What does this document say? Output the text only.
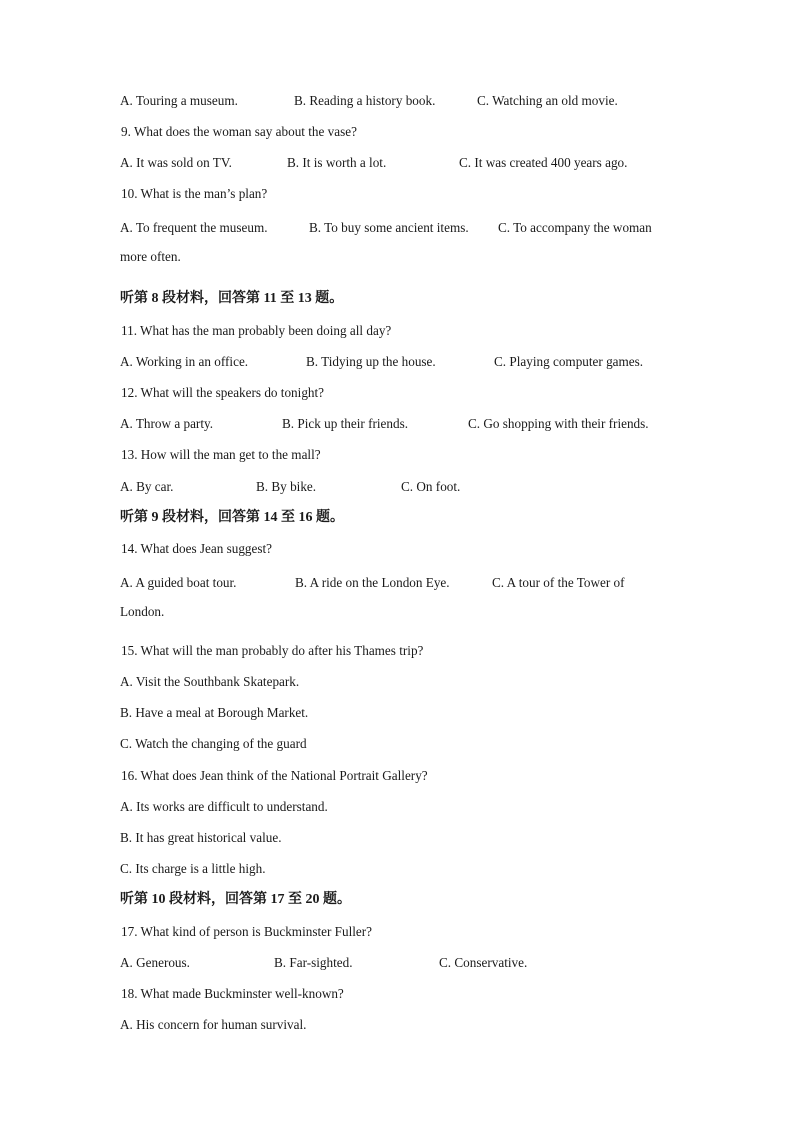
A. Touring a museum.	B. Reading a history book.	C. Watching an old movie.
9. What does the woman say about the vase?
A. It was sold on TV.	B. It is worth a lot.	C. It was created 400 years ago.
10. What is the man’s plan?
A. To frequent the museum.	B. To buy some ancient items. C. To accompany the woman
more often.
听第 8 段材料，回答第 11 至 13 题。
11. What has the man probably been doing all day?
A. Working in an office.	B. Tidying up the house.	C. Playing computer games.
12. What will the speakers do tonight?
A. Throw a party.	B. Pick up their friends.	C. Go shopping with their friends.
13. How will the man get to the mall?
A. By car.	B. By bike.	C. On foot.
听第 9 段材料，回答第 14 至 16 题。
14. What does Jean suggest?
A. A guided boat tour.	B. A ride on the London Eye.	C. A tour of the Tower of
London.
15. What will the man probably do after his Thames trip?
A. Visit the Southbank Skatepark.
B. Have a meal at Borough Market.
C. Watch the changing of the guard
16. What does Jean think of the National Portrait Gallery?
A. Its works are difficult to understand.
B. It has great historical value.
C. Its charge is a little high.
听第 10 段材料，回答第 17 至 20 题。
17. What kind of person is Buckminster Fuller?
A. Generous.	B. Far-sighted.	C. Conservative.
18. What made Buckminster well-known?
A. His concern for human survival.
